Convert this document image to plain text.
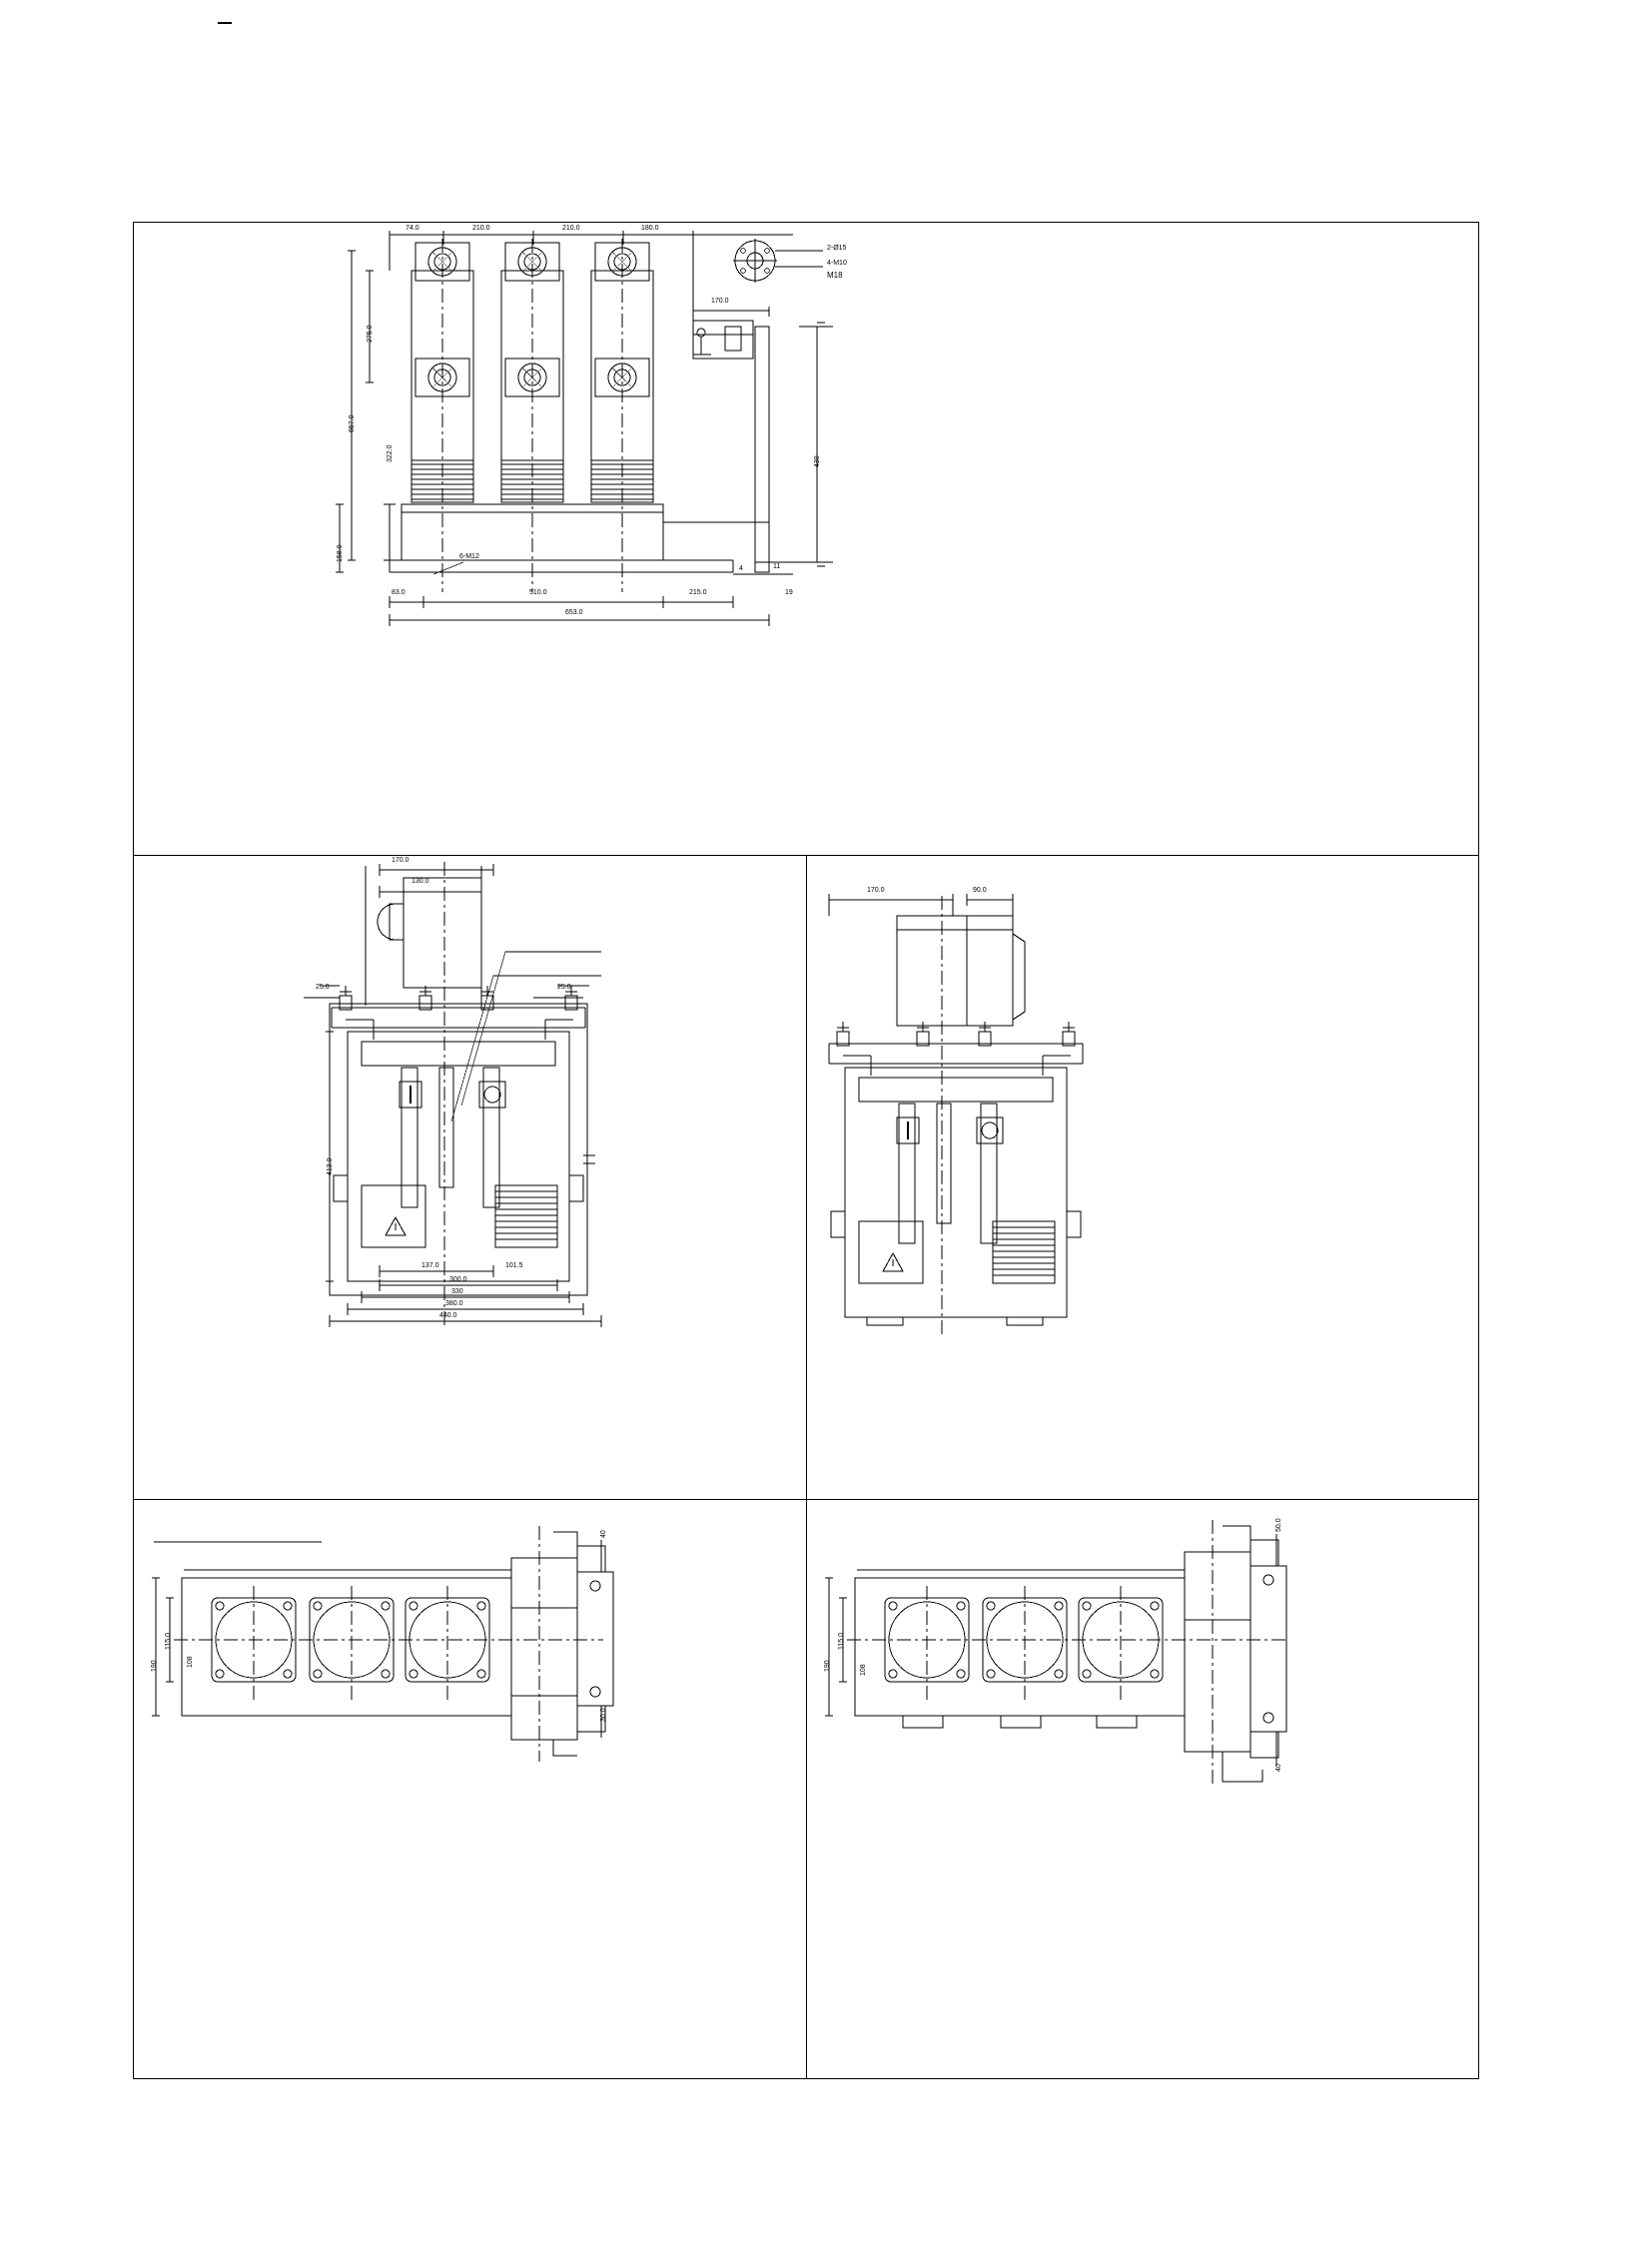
74.0	210.0	210.0	180.0
275.0
657.0
322.0
158.0
430
83.0	510.0	215.0
653.0
4	11
19
170.0
2-Ø15
4-M10
M18
6-M12
170.0
130.0
25.0	25.0
413.0
137.0	101.5
300.0
330
380.0
440.0
170.0	90.0
115.0
108
190
40
30.0
115.0
108
190
50.0
40
